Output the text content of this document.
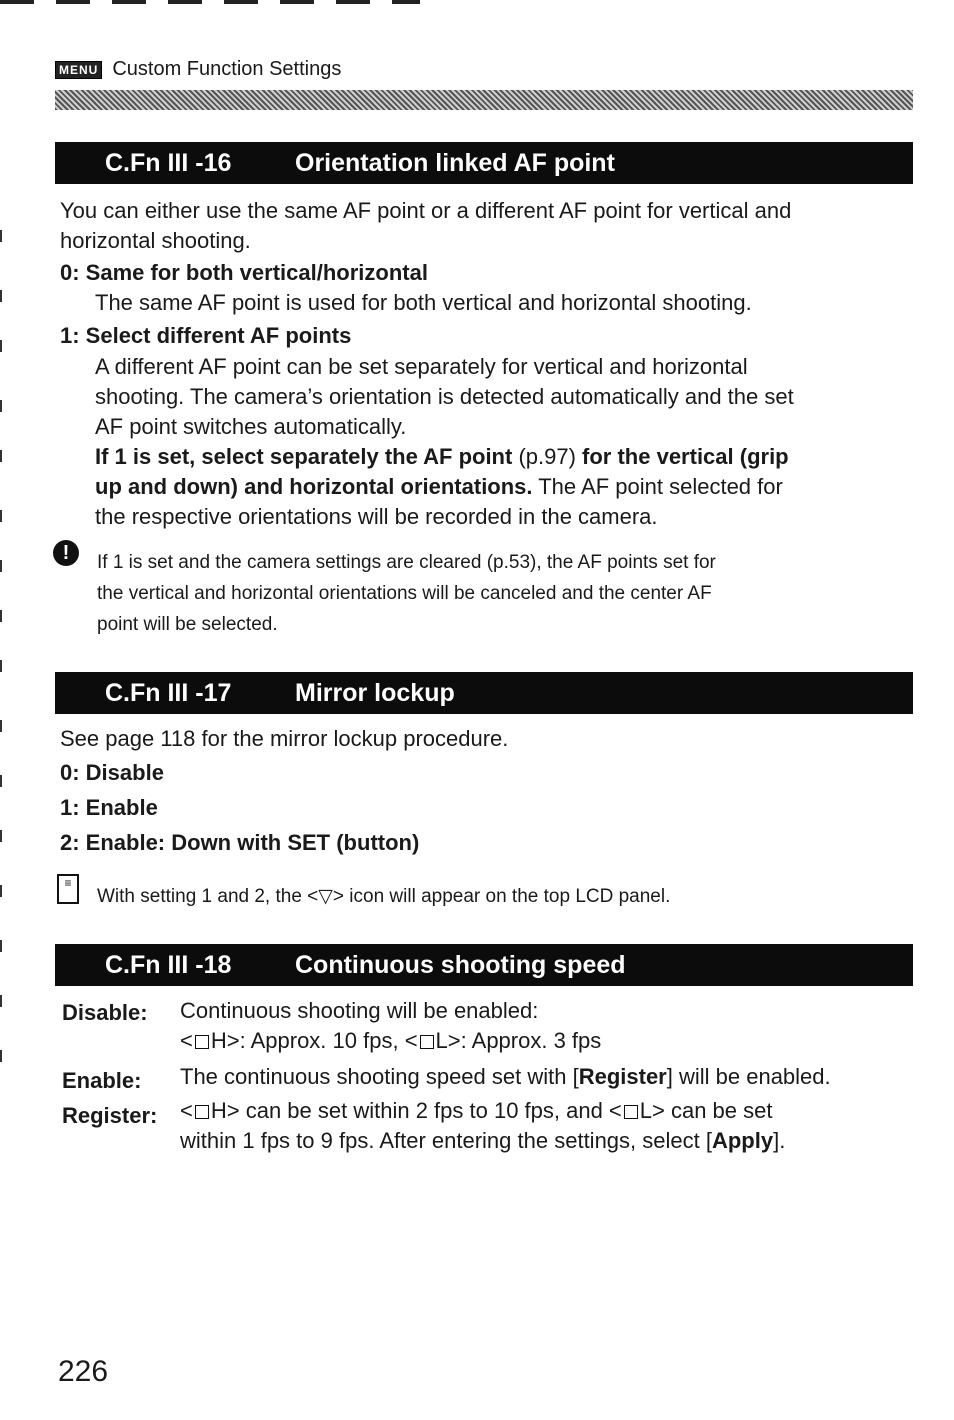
MENU Custom Function Settings
C.Fn III -16	Orientation linked AF point
You can either use the same AF point or a different AF point for vertical and
horizontal shooting.
0: Same for both vertical/horizontal
The same AF point is used for both vertical and horizontal shooting.
1: Select different AF points
A different AF point can be set separately for vertical and horizontal
shooting. The camera’s orientation is detected automatically and the set
AF point switches automatically.
If 1 is set, select separately the AF point (p.97) for the vertical (grip
up and down) and horizontal orientations. The AF point selected for
the respective orientations will be recorded in the camera.
!	If 1 is set and the camera settings are cleared (p.53), the AF points set for
the vertical and horizontal orientations will be canceled and the center AF
point will be selected.
C.Fn III -17	Mirror lockup
See page 118 for the mirror lockup procedure.
0: Disable
1: Enable
2: Enable: Down with SET (button)
≡
With setting 1 and 2, the <▽> icon will appear on the top LCD panel.
C.Fn III -18	Continuous shooting speed
Disable: Continuous shooting will be enabled:
< H>: Approx. 10 fps, < L>: Approx. 3 fps
Enable: The continuous shooting speed set with [Register] will be enabled.
Register: < H> can be set within 2 fps to 10 fps, and < L> can be set
within 1 fps to 9 fps. After entering the settings, select [Apply].
226
